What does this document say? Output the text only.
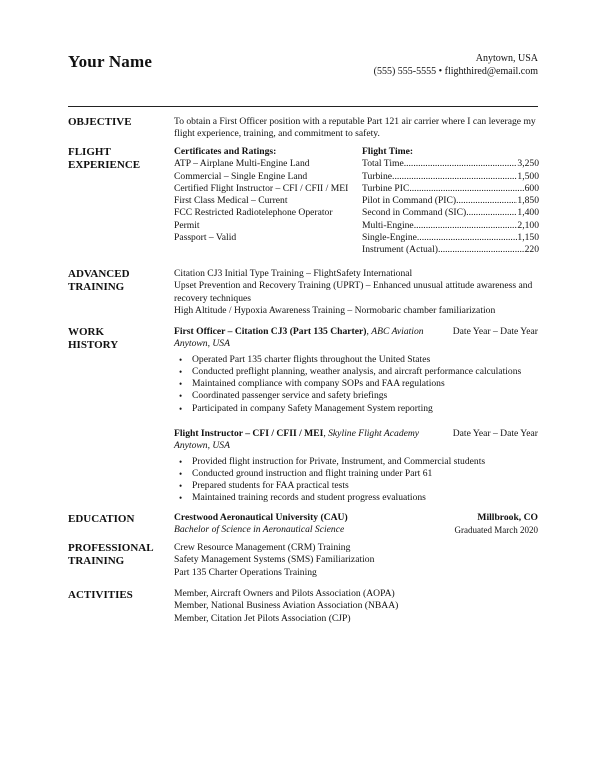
Your Name	Anytown, USA
(555) 555-5555 • flighthired@email.com
OBJECTIVE	To obtain a First Officer position with a reputable Part 121 air carrier where I can leverage my flight experience, training, and commitment to safety.
FLIGHT
EXPERIENCE
Certificates and Ratings:
ATP – Airplane Multi-Engine Land
Commercial – Single Engine Land
Certified Flight Instructor – CFI / CFII / MEI
First Class Medical – Current
FCC Restricted Radiotelephone Operator Permit
Passport – Valid
Flight Time:
Total Time .....	3,250
Turbine .....	1,500
Turbine PIC .....	600
Pilot in Command (PIC) .....	1,850
Second in Command (SIC) .....	1,400
Multi-Engine .....	2,100
Single-Engine .....	1,150
Instrument (Actual) .....	220
ADVANCED
TRAINING
Citation CJ3 Initial Type Training – FlightSafety International
Upset Prevention and Recovery Training (UPRT) – Enhanced unusual attitude awareness and recovery techniques
High Altitude / Hypoxia Awareness Training – Normobaric chamber familiarization
WORK
HISTORY
First Officer – Citation CJ3 (Part 135 Charter), ABC Aviation	Date Year – Date Year
Anytown, USA
• Operated Part 135 charter flights throughout the United States
• Conducted preflight planning, weather analysis, and aircraft performance calculations
• Maintained compliance with company SOPs and FAA regulations
• Coordinated passenger service and safety briefings
• Participated in company Safety Management System reporting
Flight Instructor – CFI / CFII / MEI, Skyline Flight Academy	Date Year – Date Year
Anytown, USA
• Provided flight instruction for Private, Instrument, and Commercial students
• Conducted ground instruction and flight training under Part 61
• Prepared students for FAA practical tests
• Maintained training records and student progress evaluations
EDUCATION	Crestwood Aeronautical University (CAU)	Millbrook, CO
Bachelor of Science in Aeronautical Science	Graduated March 2020
PROFESSIONAL
TRAINING
Crew Resource Management (CRM) Training
Safety Management Systems (SMS) Familiarization
Part 135 Charter Operations Training
ACTIVITIES	Member, Aircraft Owners and Pilots Association (AOPA)
Member, National Business Aviation Association (NBAA)
Member, Citation Jet Pilots Association (CJP)
